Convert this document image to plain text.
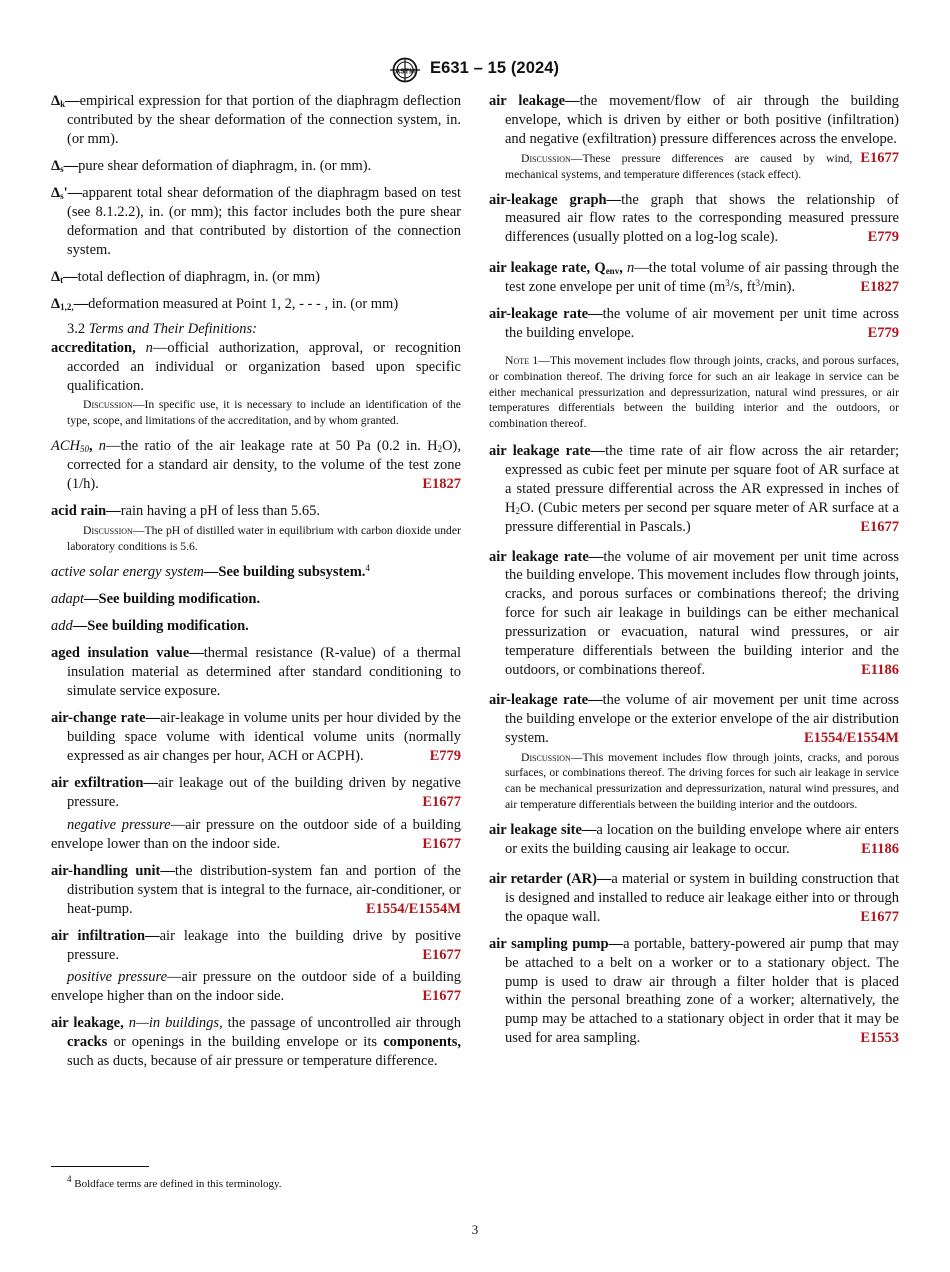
ASTM E631 – 15 (2024)

$\Delta_k—empirical$ expression for that portion of the diaphragm deflection contributed by the shear deformation of the connection system, in. (or mm).

$\Delta_s—pure$ shear deformation of diaphragm, in. (or mm).

$\Delta_s'—apparent$ total shear deformation of the diaphragm based on test (see 8.1.2.2), in. (or mm); this factor includes both the pure shear deformation and that contributed by distortion of the connection system.

$\Delta_t—total$ deflection of diaphragm, in. (or mm)

$\Delta_{1,2,}—deformation$ measured at Point 1, 2, - - - , in. (or mm)

3.2 Terms and Their Definitions:

accreditation, n—official authorization, approval, or recognition accorded an individual or organization based upon specific qualification.

Discussion—In specific use, it is necessary to include an identification of the type, scope, and limitations of the accreditation, and by whom granted.

$ACH_{50}$, n—the ratio of the air leakage rate at 50 Pa (0.2 in. $H_2O$), corrected for a standard air density, to the volume of the test zone (1/h).	E1827

acid rain—rain having a pH of less than 5.65.

Discussion—The pH of distilled water in equilibrium with carbon dioxide under laboratory conditions is 5.6.

active solar energy system—See building subsystem.$^4$

adapt—See building modification.

add—See building modification.

aged insulation value—thermal resistance (R-value) of a thermal insulation material as determined after standard conditioning to simulate service exposure.

air-change rate—air-leakage in volume units per hour divided by the building space volume with identical volume units (normally expressed as air changes per hour, ACH or ACPH).	E779

air exfiltration—air leakage out of the building driven by negative pressure.	E1677

negative pressure—air pressure on the outdoor side of a building envelope lower than on the indoor side.	E1677

air-handling unit—the distribution-system fan and portion of the distribution system that is integral to the furnace, air-conditioner, or heat-pump.	E1554/E1554M

air infiltration—air leakage into the building drive by positive pressure.	E1677

positive pressure—air pressure on the outdoor side of a building envelope higher than on the indoor side.	E1677

air leakage, n—in buildings, the passage of uncontrolled air through cracks or openings in the building envelope or its components, such as ducts, because of air pressure or temperature difference.

air leakage—the movement/flow of air through the building envelope, which is driven by either or both positive (infiltration) and negative (exfiltration) pressure differences across the envelope.
E1677

Discussion—These pressure differences are caused by wind, mechanical systems, and temperature differences (stack effect).

air-leakage graph—the graph that shows the relationship of measured air flow rates to the corresponding measured pressure differences (usually plotted on a log-log scale).	E779

air leakage rate, $Q_{env}$, n—the total volume of air passing through the test zone envelope per unit of time ($m^3/s$, $ft^3/\min$).	E1827

air-leakage rate—the volume of air movement per unit time across the building envelope.	E779

Note 1—This movement includes flow through joints, cracks, and porous surfaces, or combination thereof. The driving force for such an air leakage in service can be either mechanical pressurization and depressurization, natural wind pressures, or air temperatures differentials between the building interior and the outdoors, or combination thereof.

air leakage rate—the time rate of air flow across the air retarder; expressed as cubic feet per minute per square foot of AR surface at a stated pressure differential across the AR expressed in inches of $H_2O$. (Cubic meters per second per square meter of AR surface at a pressure differential in Pascals.)	E1677

air leakage rate—the volume of air movement per unit time across the building envelope. This movement includes flow through joints, cracks, and porous surfaces or combinations thereof; the driving force for such air leakage in buildings can be either mechanical pressurization or evacuation, natural wind pressures, or air temperature differentials between the building interior and the outdoors, or combinations thereof.	E1186

air-leakage rate—the volume of air movement per unit time across the building envelope or the exterior envelope of the air distribution system.	E1554/E1554M

Discussion—This movement includes flow through joints, cracks, and porous surfaces, or combinations thereof. The driving forces for such air leakage in service can be mechanical pressurization and depressurization, natural wind pressures, and air temperature differentials between the building interior and the outdoors.

air leakage site—a location on the building envelope where air enters or exits the building causing air leakage to occur.	E1186

air retarder (AR)—a material or system in building construction that is designed and installed to reduce air leakage either into or through the opaque wall.	E1677

air sampling pump—a portable, battery-powered air pump that may be attached to a belt on a worker or to a stationary object. The pump is used to draw air through a filter holder that is placed within the personal breathing zone of a worker; alternatively, the pump may be attached to a stationary object in order that it may be used for area sampling.	E1553

$^4$ Boldface terms are defined in this terminology.

3
